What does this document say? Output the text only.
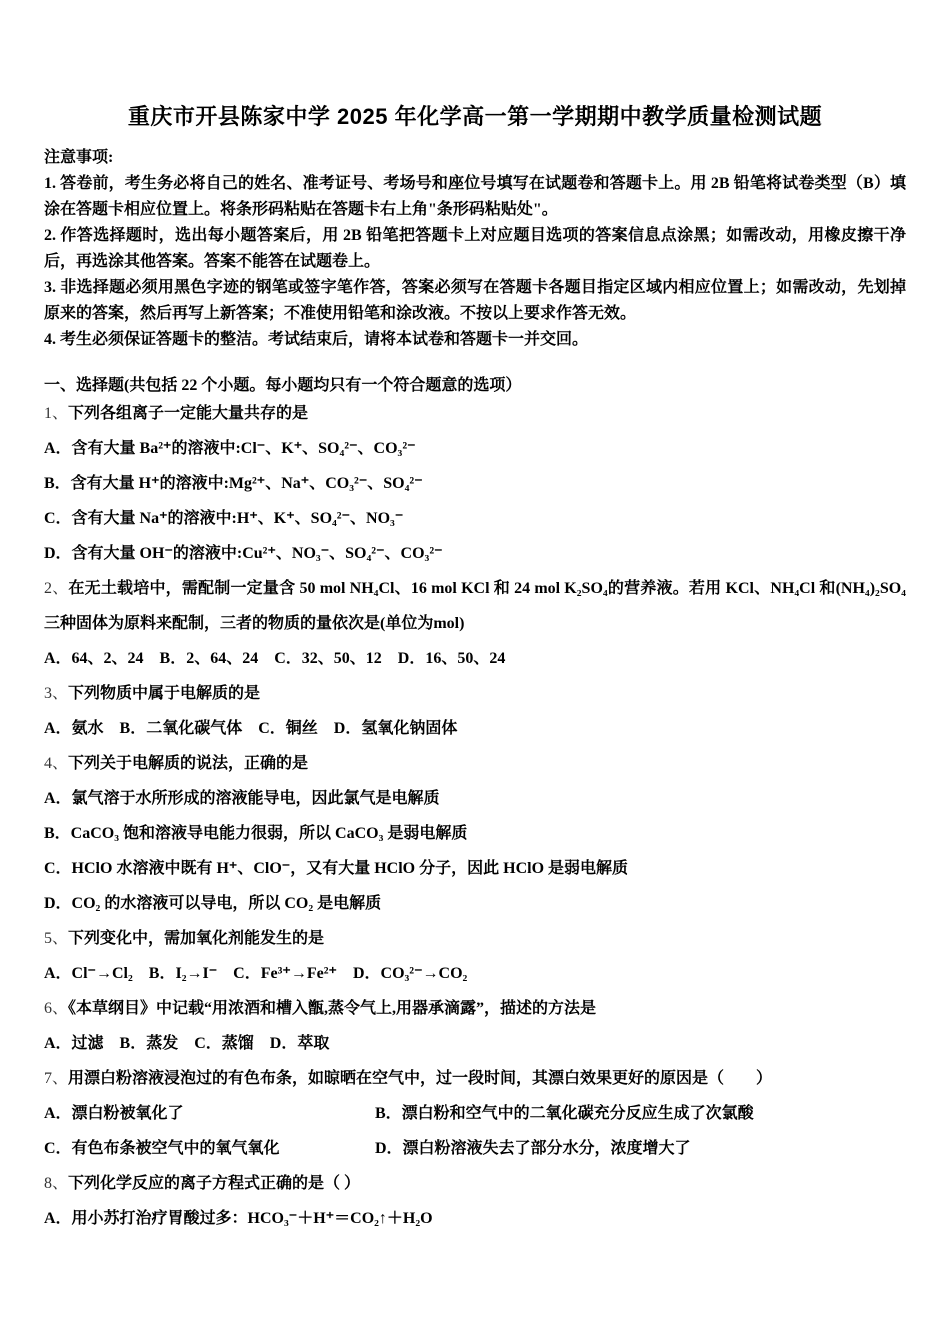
重庆市开县陈家中学 2025 年化学高一第一学期期中教学质量检测试题

注意事项:

1. 答卷前，考生务必将自己的姓名、准考证号、考场号和座位号填写在试题卷和答题卡上。用 2B 铅笔将试卷类型（B）填涂在答题卡相应位置上。将条形码粘贴在答题卡右上角"条形码粘贴处"。

2. 作答选择题时，选出每小题答案后，用 2B 铅笔把答题卡上对应题目选项的答案信息点涂黑；如需改动，用橡皮擦干净后，再选涂其他答案。答案不能答在试题卷上。

3. 非选择题必须用黑色字迹的钢笔或签字笔作答，答案必须写在答题卡各题目指定区域内相应位置上；如需改动，先划掉原来的答案，然后再写上新答案；不准使用铅笔和涂改液。不按以上要求作答无效。

4. 考生必须保证答题卡的整洁。考试结束后，请将本试卷和答题卡一并交回。

一、选择题(共包括 22 个小题。每小题均只有一个符合题意的选项）

1、下列各组离子一定能大量共存的是

A．含有大量 Ba²⁺的溶液中:Cl⁻、K⁺、SO₄²⁻、CO₃²⁻

B．含有大量 H⁺的溶液中:Mg²⁺、Na⁺、CO₃²⁻、SO₄²⁻

C．含有大量 Na⁺的溶液中:H⁺、K⁺、SO₄²⁻、NO₃⁻

D．含有大量 OH⁻的溶液中:Cu²⁺、NO₃⁻、SO₄²⁻、CO₃²⁻

2、在无土载培中，需配制一定量含 50 mol NH₄Cl、16 mol KCl 和 24 mol K₂SO₄的营养液。若用 KCl、NH₄Cl 和(NH₄)₂SO₄三种固体为原料来配制，三者的物质的量依次是(单位为mol)

A．64、2、24　B．2、64、24　C．32、50、12　D．16、50、24

3、下列物质中属于电解质的是

A．氨水　B．二氧化碳气体　C．铜丝　D．氢氧化钠固体

4、下列关于电解质的说法，正确的是

A．氯气溶于水所形成的溶液能导电，因此氯气是电解质

B．CaCO₃ 饱和溶液导电能力很弱，所以 CaCO₃ 是弱电解质

C．HClO 水溶液中既有 H⁺、ClO⁻，又有大量 HClO 分子，因此 HClO 是弱电解质

D．CO₂ 的水溶液可以导电，所以 CO₂ 是电解质

5、下列变化中，需加氧化剂能发生的是

A．Cl⁻→Cl₂　B．I₂→I⁻　C．Fe³⁺→Fe²⁺　D．CO₃²⁻→CO₂

6、《本草纲目》中记载“用浓酒和槽入甑,蒸令气上,用器承滴露”，描述的方法是

A．过滤　B．蒸发　C．蒸馏　D．萃取

7、用漂白粉溶液浸泡过的有色布条，如晾晒在空气中，过一段时间，其漂白效果更好的原因是（　　）

A．漂白粉被氧化了	B．漂白粉和空气中的二氧化碳充分反应生成了次氯酸

C．有色布条被空气中的氧气氧化	D．漂白粉溶液失去了部分水分，浓度增大了

8、下列化学反应的离子方程式正确的是（ ）

A．用小苏打治疗胃酸过多：HCO₃⁻＋H⁺＝CO₂↑＋H₂O
